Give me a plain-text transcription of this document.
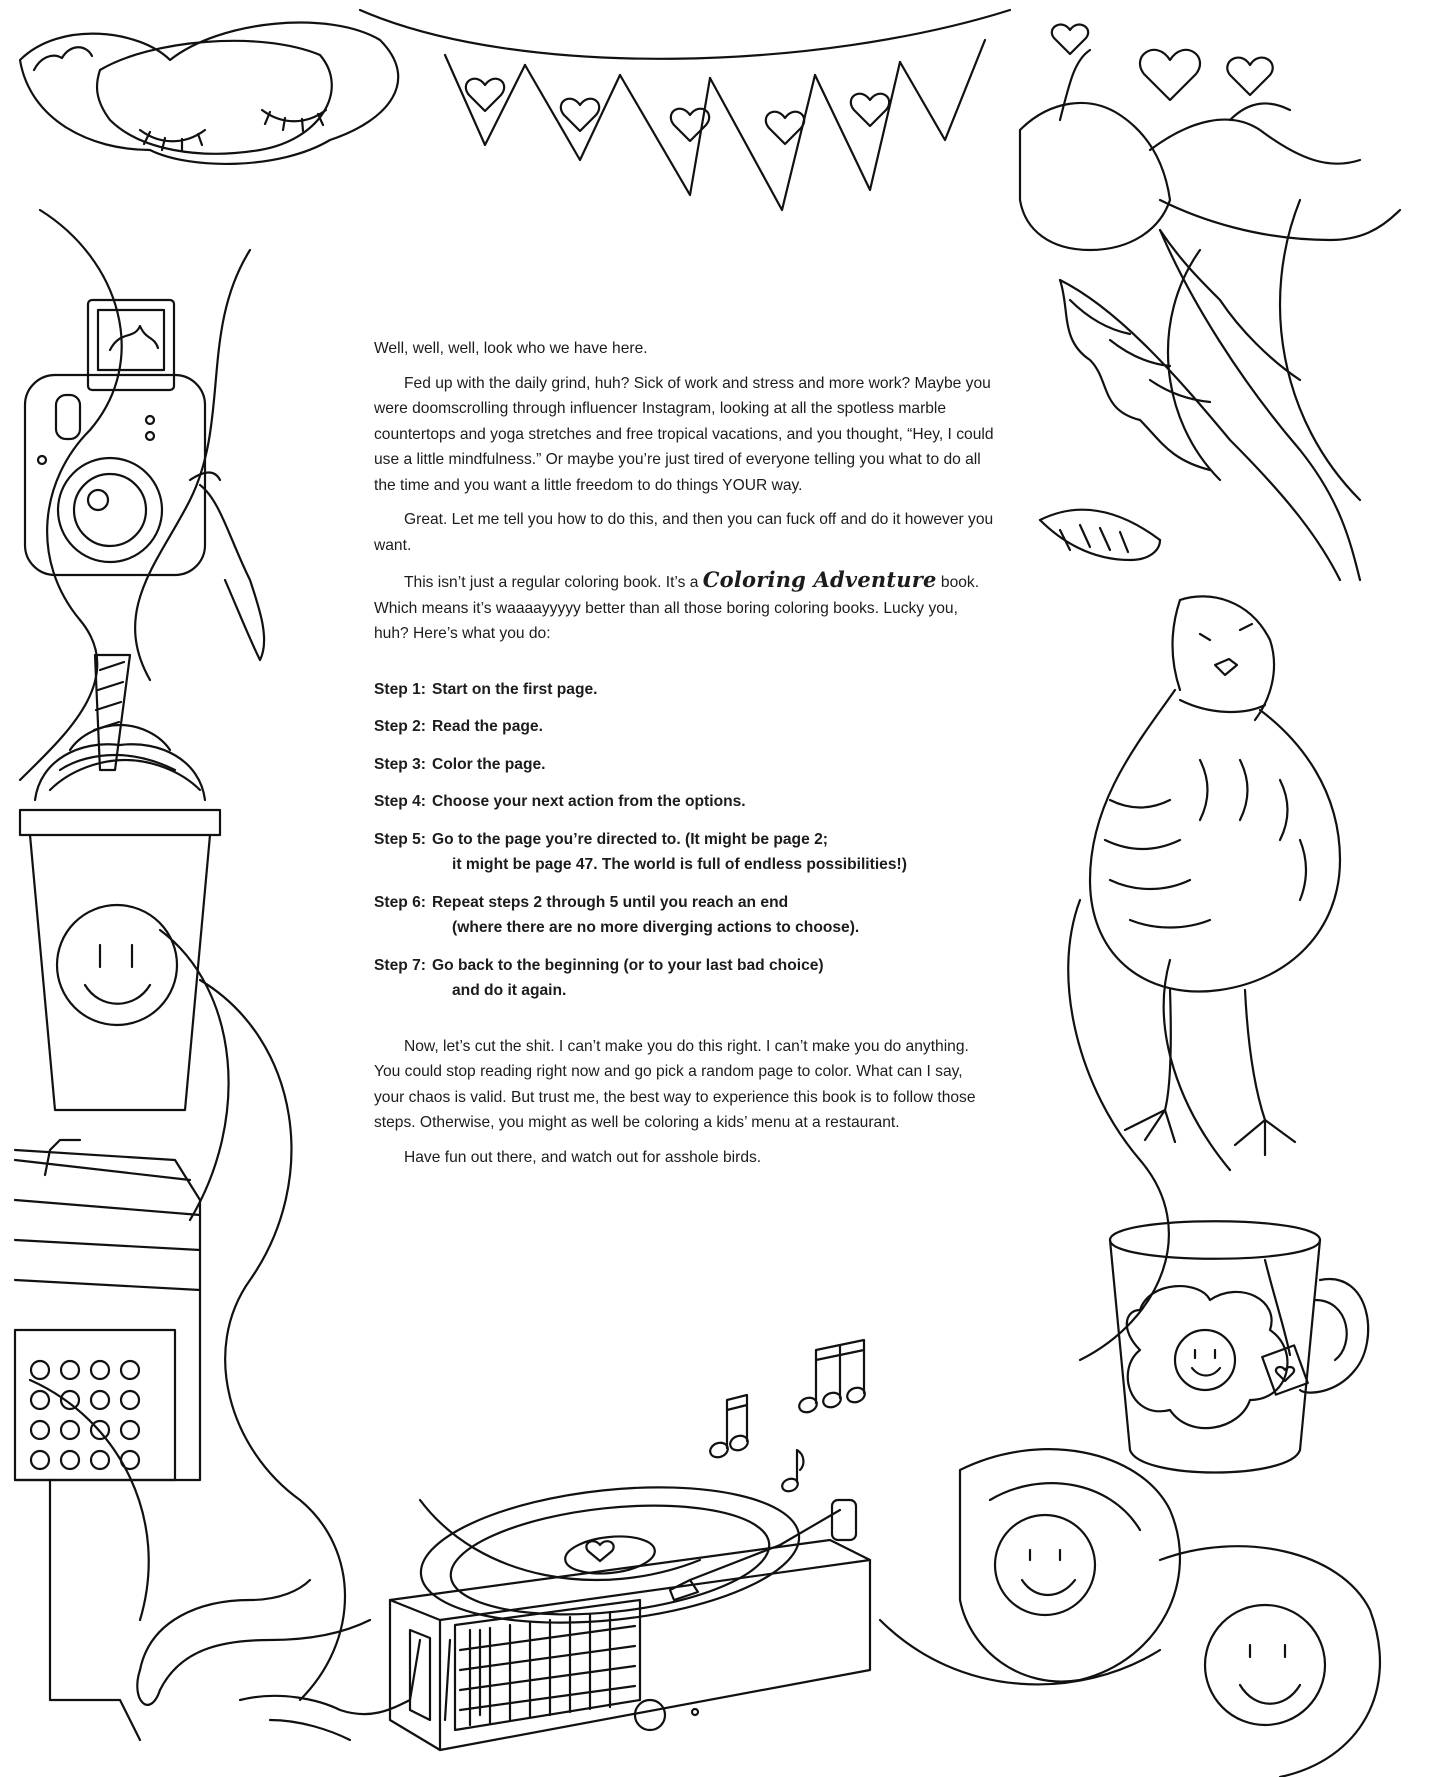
Well, well, well, look who we have here.

Fed up with the daily grind, huh? Sick of work and stress and more work? Maybe you were doomscrolling through influencer Instagram, looking at all the spotless marble countertops and yoga stretches and free tropical vacations, and you thought, “Hey, I could use a little mindfulness.” Or maybe you’re just tired of everyone telling you what to do all the time and you want a little freedom to do things YOUR way.

Great. Let me tell you how to do this, and then you can fuck off and do it however you want.

This isn’t just a regular coloring book. It’s a Coloring Adventure book. Which means it’s waaaayyyyy better than all those boring coloring books. Lucky you, huh? Here’s what you do:

Step 1: Start on the first page.
Step 2: Read the page.
Step 3: Color the page.
Step 4: Choose your next action from the options.
Step 5: Go to the page you’re directed to. (It might be page 2;
it might be page 47. The world is full of endless possibilities!)
Step 6: Repeat steps 2 through 5 until you reach an end
(where there are no more diverging actions to choose).
Step 7: Go back to the beginning (or to your last bad choice)
and do it again.

Now, let’s cut the shit. I can’t make you do this right. I can’t make you do anything. You could stop reading right now and go pick a random page to color. What can I say, your chaos is valid. But trust me, the best way to experience this book is to follow those steps. Otherwise, you might as well be coloring a kids’ menu at a restaurant.

Have fun out there, and watch out for asshole birds.
